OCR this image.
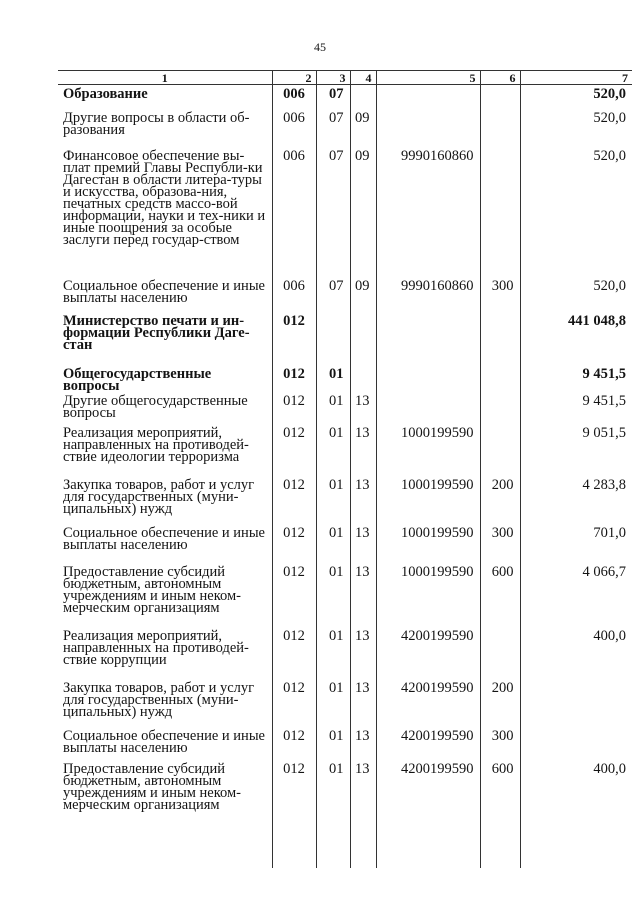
45
1	2	3	4	5	6	7
Образование	006	07				520,0
Другие вопросы в области об-разования	006	07	09			520,0
Финансовое обеспечение вы-плат премий Главы Республи-ки Дагестан в области литера-туры и искусства, образова-ния, печатных средств массо-вой информации, науки и тех-ники и иные поощрения за особые заслуги перед государ-ством	006	07	09	9990160860		520,0
Социальное обеспечение и иные выплаты населению	006	07	09	9990160860	300	520,0
Министерство печати и ин-формации Республики Даге-стан	012					441 048,8
Общегосударственные вопросы	012	01				9 451,5
Другие общегосударственные вопросы	012	01	13			9 451,5
Реализация мероприятий, направленных на противодей-ствие идеологии терроризма	012	01	13	1000199590		9 051,5
Закупка товаров, работ и услуг для государственных (муни-ципальных) нужд	012	01	13	1000199590	200	4 283,8
Социальное обеспечение и иные выплаты населению	012	01	13	1000199590	300	701,0
Предоставление субсидий бюджетным, автономным учреждениям и иным неком-мерческим организациям	012	01	13	1000199590	600	4 066,7
Реализация мероприятий, направленных на противодей-ствие коррупции	012	01	13	4200199590		400,0
Закупка товаров, работ и услуг для государственных (муни-ципальных) нужд	012	01	13	4200199590	200	
Социальное обеспечение и иные выплаты населению	012	01	13	4200199590	300	
Предоставление субсидий бюджетным, автономным учреждениям и иным неком-мерческим организациям	012	01	13	4200199590	600	400,0
